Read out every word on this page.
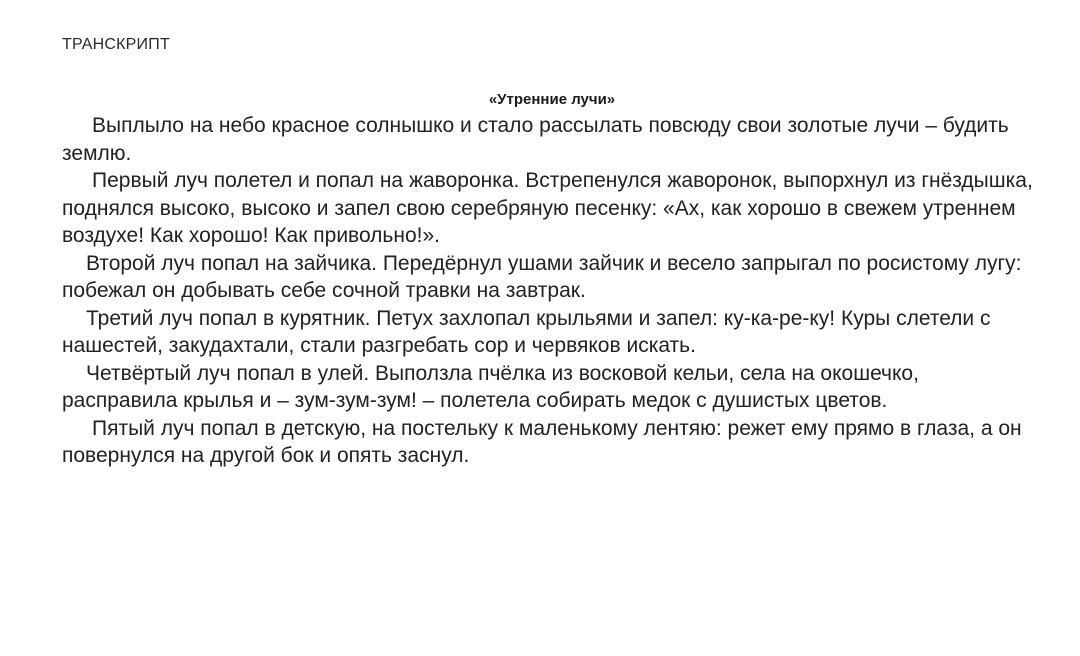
ТРАНСКРИПТ
«Утренние лучи»

Выплыло на небо красное солнышко и стало рассылать повсюду свои золотые лучи – будить землю.

Первый луч полетел и попал на жаворонка. Встрепенулся жаворонок, выпорхнул из гнёздышка, поднялся высоко, высоко и запел свою серебряную песенку: «Ах, как хорошо в свежем утреннем воздухе! Как хорошо! Как привольно!».

Второй луч попал на зайчика. Передёрнул ушами зайчик и весело запрыгал по росистому лугу: побежал он добывать себе сочной травки на завтрак.

Третий луч попал в курятник. Петух захлопал крыльями и запел: ку-ка-ре-ку! Куры слетели с нашестей, закудахтали, стали разгребать сор и червяков искать.

Четвёртый луч попал в улей. Выползла пчёлка из восковой кельи, села на окошечко, расправила крылья и – зум-зум-зум! – полетела собирать медок с душистых цветов.

Пятый луч попал в детскую, на постельку к маленькому лентяю: режет ему прямо в глаза, а он повернулся на другой бок и опять заснул.
